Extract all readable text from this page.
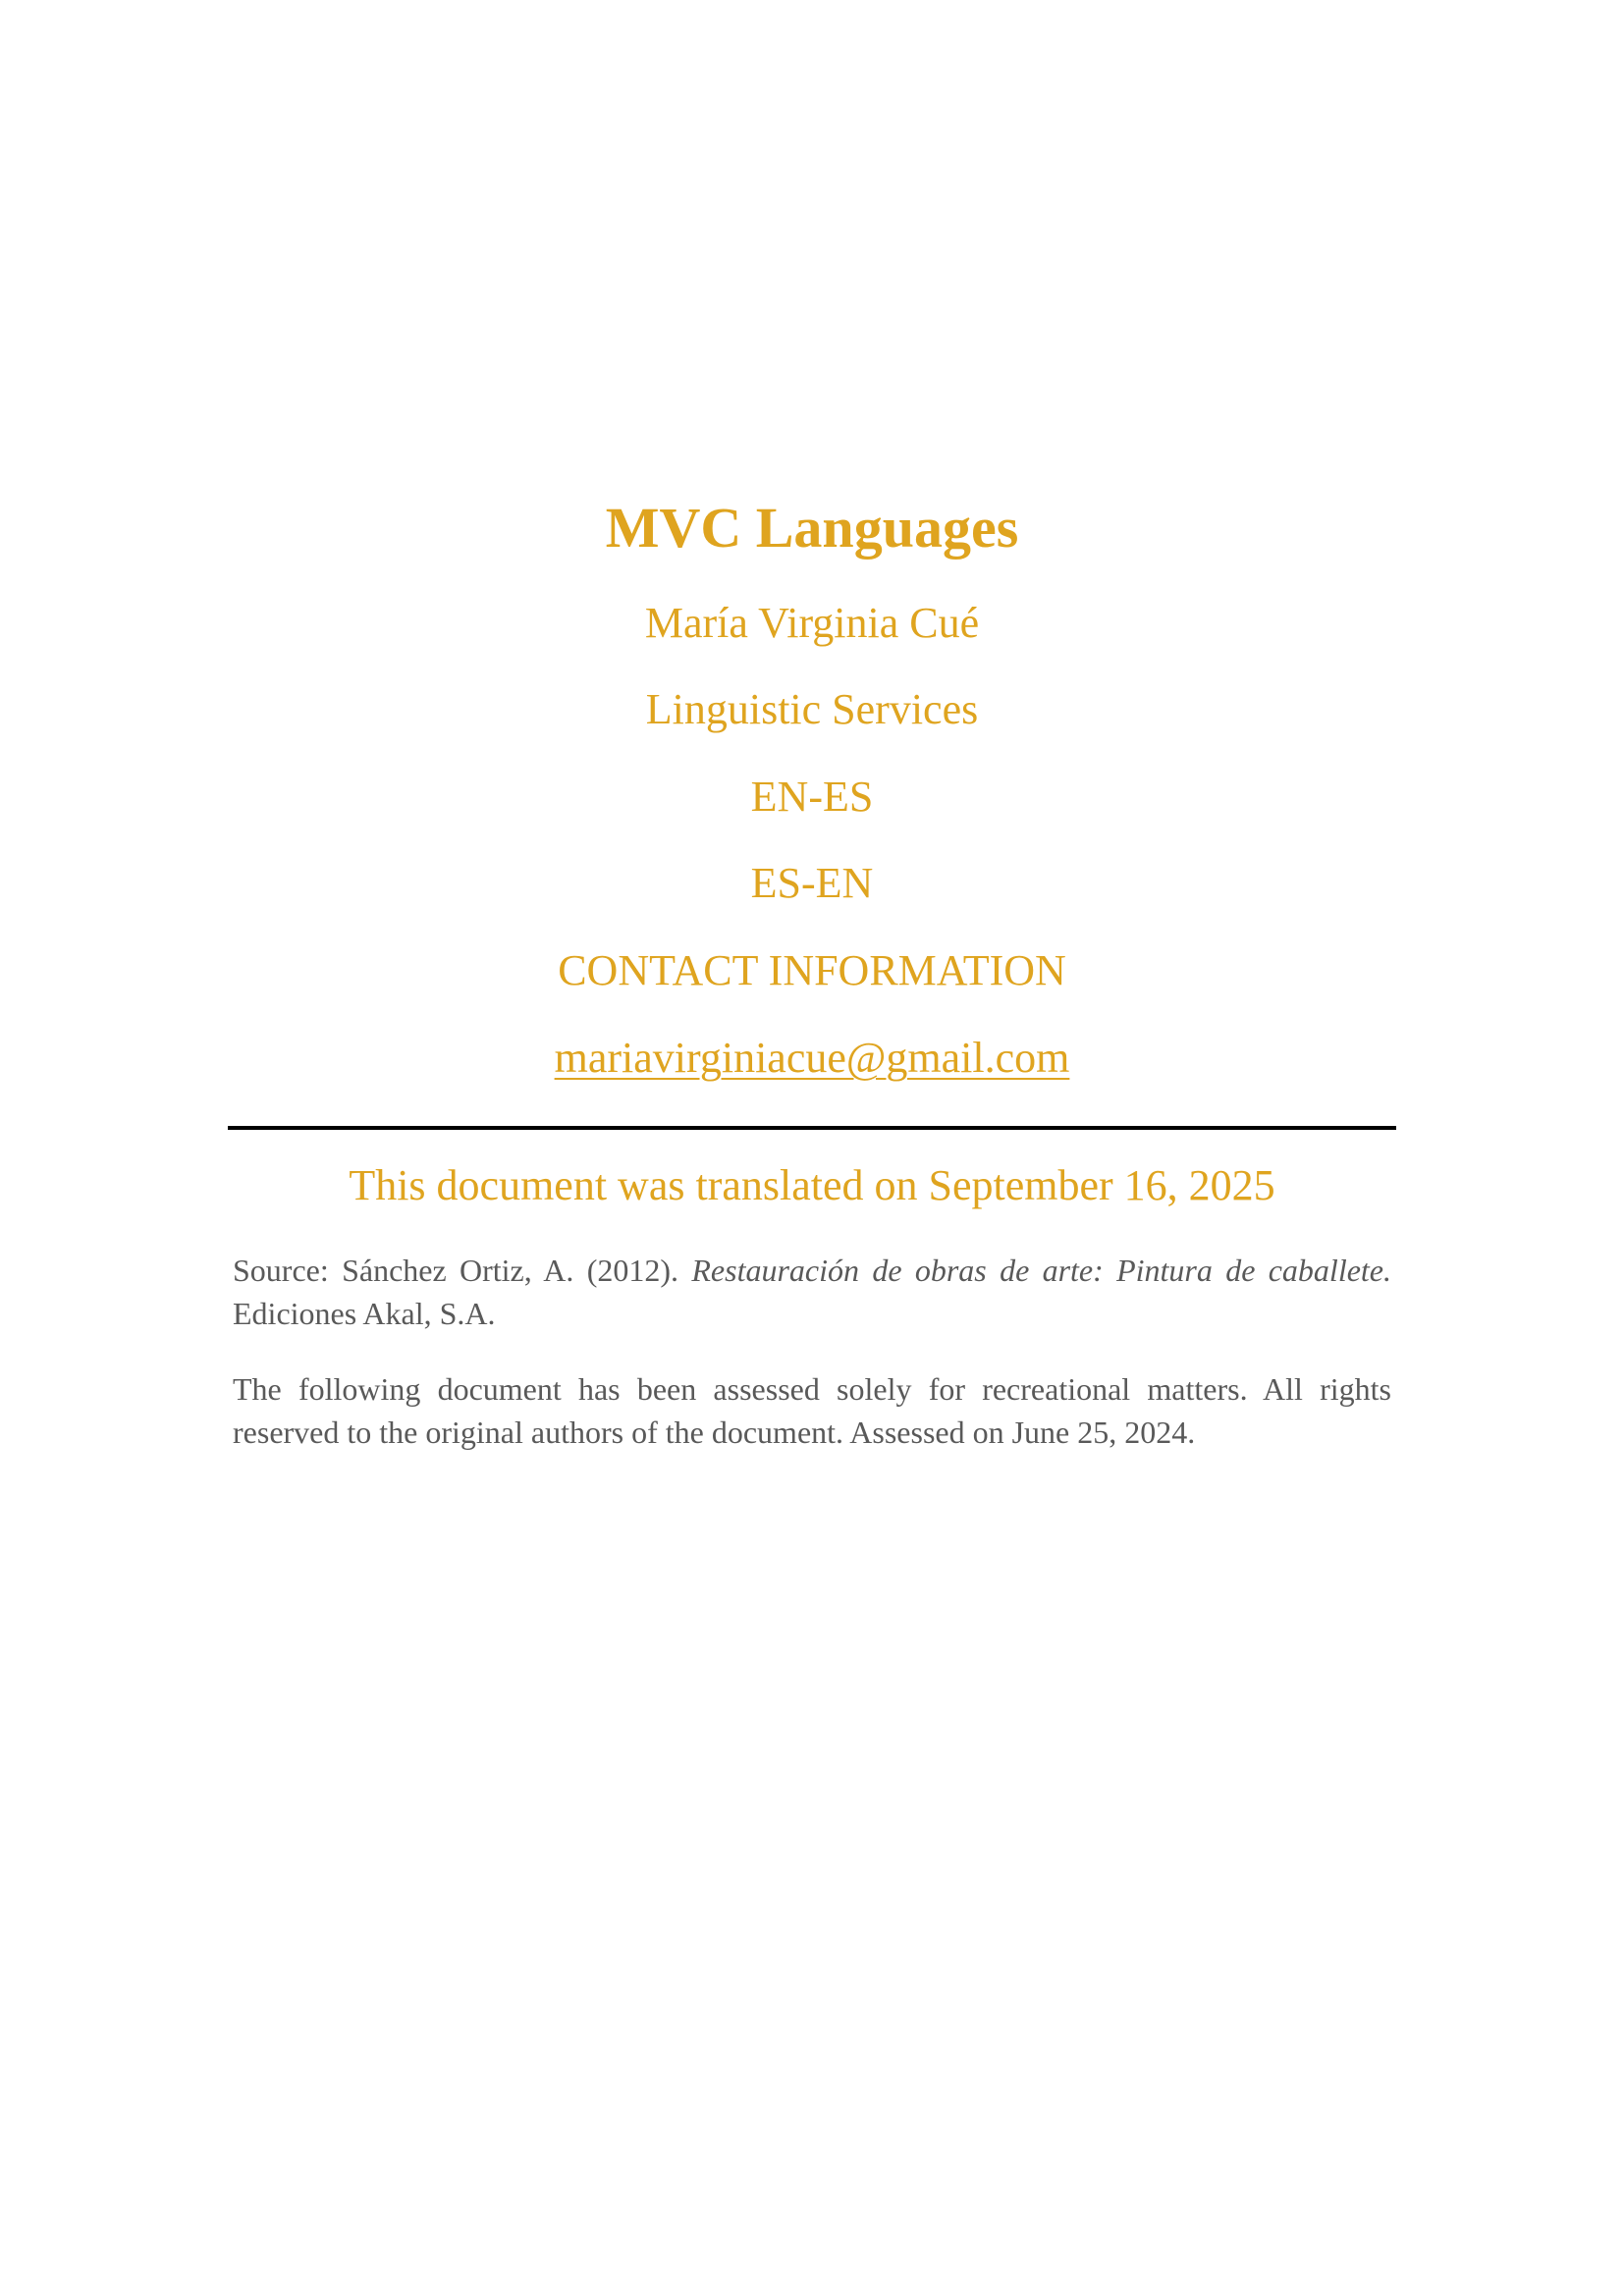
MVC Languages
María Virginia Cué
Linguistic Services
EN-ES
ES-EN
CONTACT INFORMATION
mariavirginiacue@gmail.com
This document was translated on September 16, 2025
Source: Sánchez Ortiz, A. (2012). Restauración de obras de arte: Pintura de caballete. Ediciones Akal, S.A.
The following document has been assessed solely for recreational matters. All rights reserved to the original authors of the document. Assessed on June 25, 2024.
